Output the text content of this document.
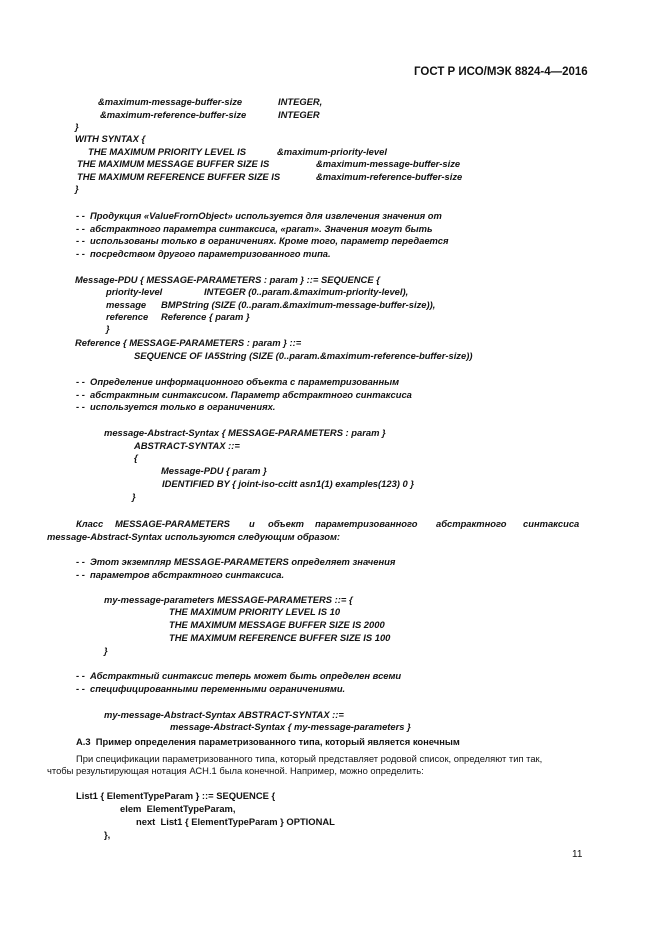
ГОСТ Р ИСО/МЭК 8824-4—2016
&maximum-message-buffer-size	INTEGER,
&maximum-reference-buffer-size	INTEGER
}
WITH SYNTAX {
THE MAXIMUM PRIORITY LEVEL IS	&maximum-priority-level
THE MAXIMUM MESSAGE BUFFER SIZE IS	&maximum-message-buffer-size
THE MAXIMUM REFERENCE BUFFER SIZE IS	&maximum-reference-buffer-size
}
- -  Продукция «ValueFrornObject» используется для извлечения значения от
- -  абстрактного параметра синтаксиса, «param». Значения могут быть
- -  использованы только в ограничениях. Кроме того, параметр передается
- -  посредством другого параметризованного типа.
Message-PDU { MESSAGE-PARAMETERS : param } ::= SEQUENCE {
priority-level	INTEGER (0..param.&maximum-priority-level),
message BMPString (SIZE (0..param.&maximum-message-buffer-size)),
reference Reference { param }
}
Reference { MESSAGE-PARAMETERS : param } ::=
SEQUENCE OF IA5String (SIZE (0..param.&maximum-reference-buffer-size))
- -  Определение информационного объекта с параметризованным
- -  абстрактным синтаксисом. Параметр абстрактного синтаксиса
- -  используется только в ограничениях.
message-Abstract-Syntax { MESSAGE-PARAMETERS : param }
ABSTRACT-SYNTAX ::=
{
Message-PDU { param }
IDENTIFIED BY { joint-iso-ccitt asn1(1) examples(123) 0 }
}
Класс MESSAGE-PARAMETERS и объект параметризованного абстрактного синтаксиса
message-Abstract-Syntax используются следующим образом:
- -  Этот экземпляр MESSAGE-PARAMETERS определяет значения
- -  параметров абстрактного синтаксиса.
my-message-parameters MESSAGE-PARAMETERS ::= {
THE MAXIMUM PRIORITY LEVEL IS 10
THE MAXIMUM MESSAGE BUFFER SIZE IS 2000
THE MAXIMUM REFERENCE BUFFER SIZE IS 100
}
- -  Абстрактный синтаксис теперь может быть определен всеми
- -  специфицированными переменными ограничениями.
my-message-Abstract-Syntax ABSTRACT-SYNTAX ::=
message-Abstract-Syntax { my-message-parameters }
A.3  Пример определения параметризованного типа, который является конечным
При спецификации параметризованного типа, который представляет родовой список, определяют тип так,
чтобы результирующая нотация АСН.1 была конечной. Например, можно определить:
List1 { ElementTypeParam } ::= SEQUENCE {
elem  ElementTypeParam,
next  List1 { ElementTypeParam } OPTIONAL
},
11
